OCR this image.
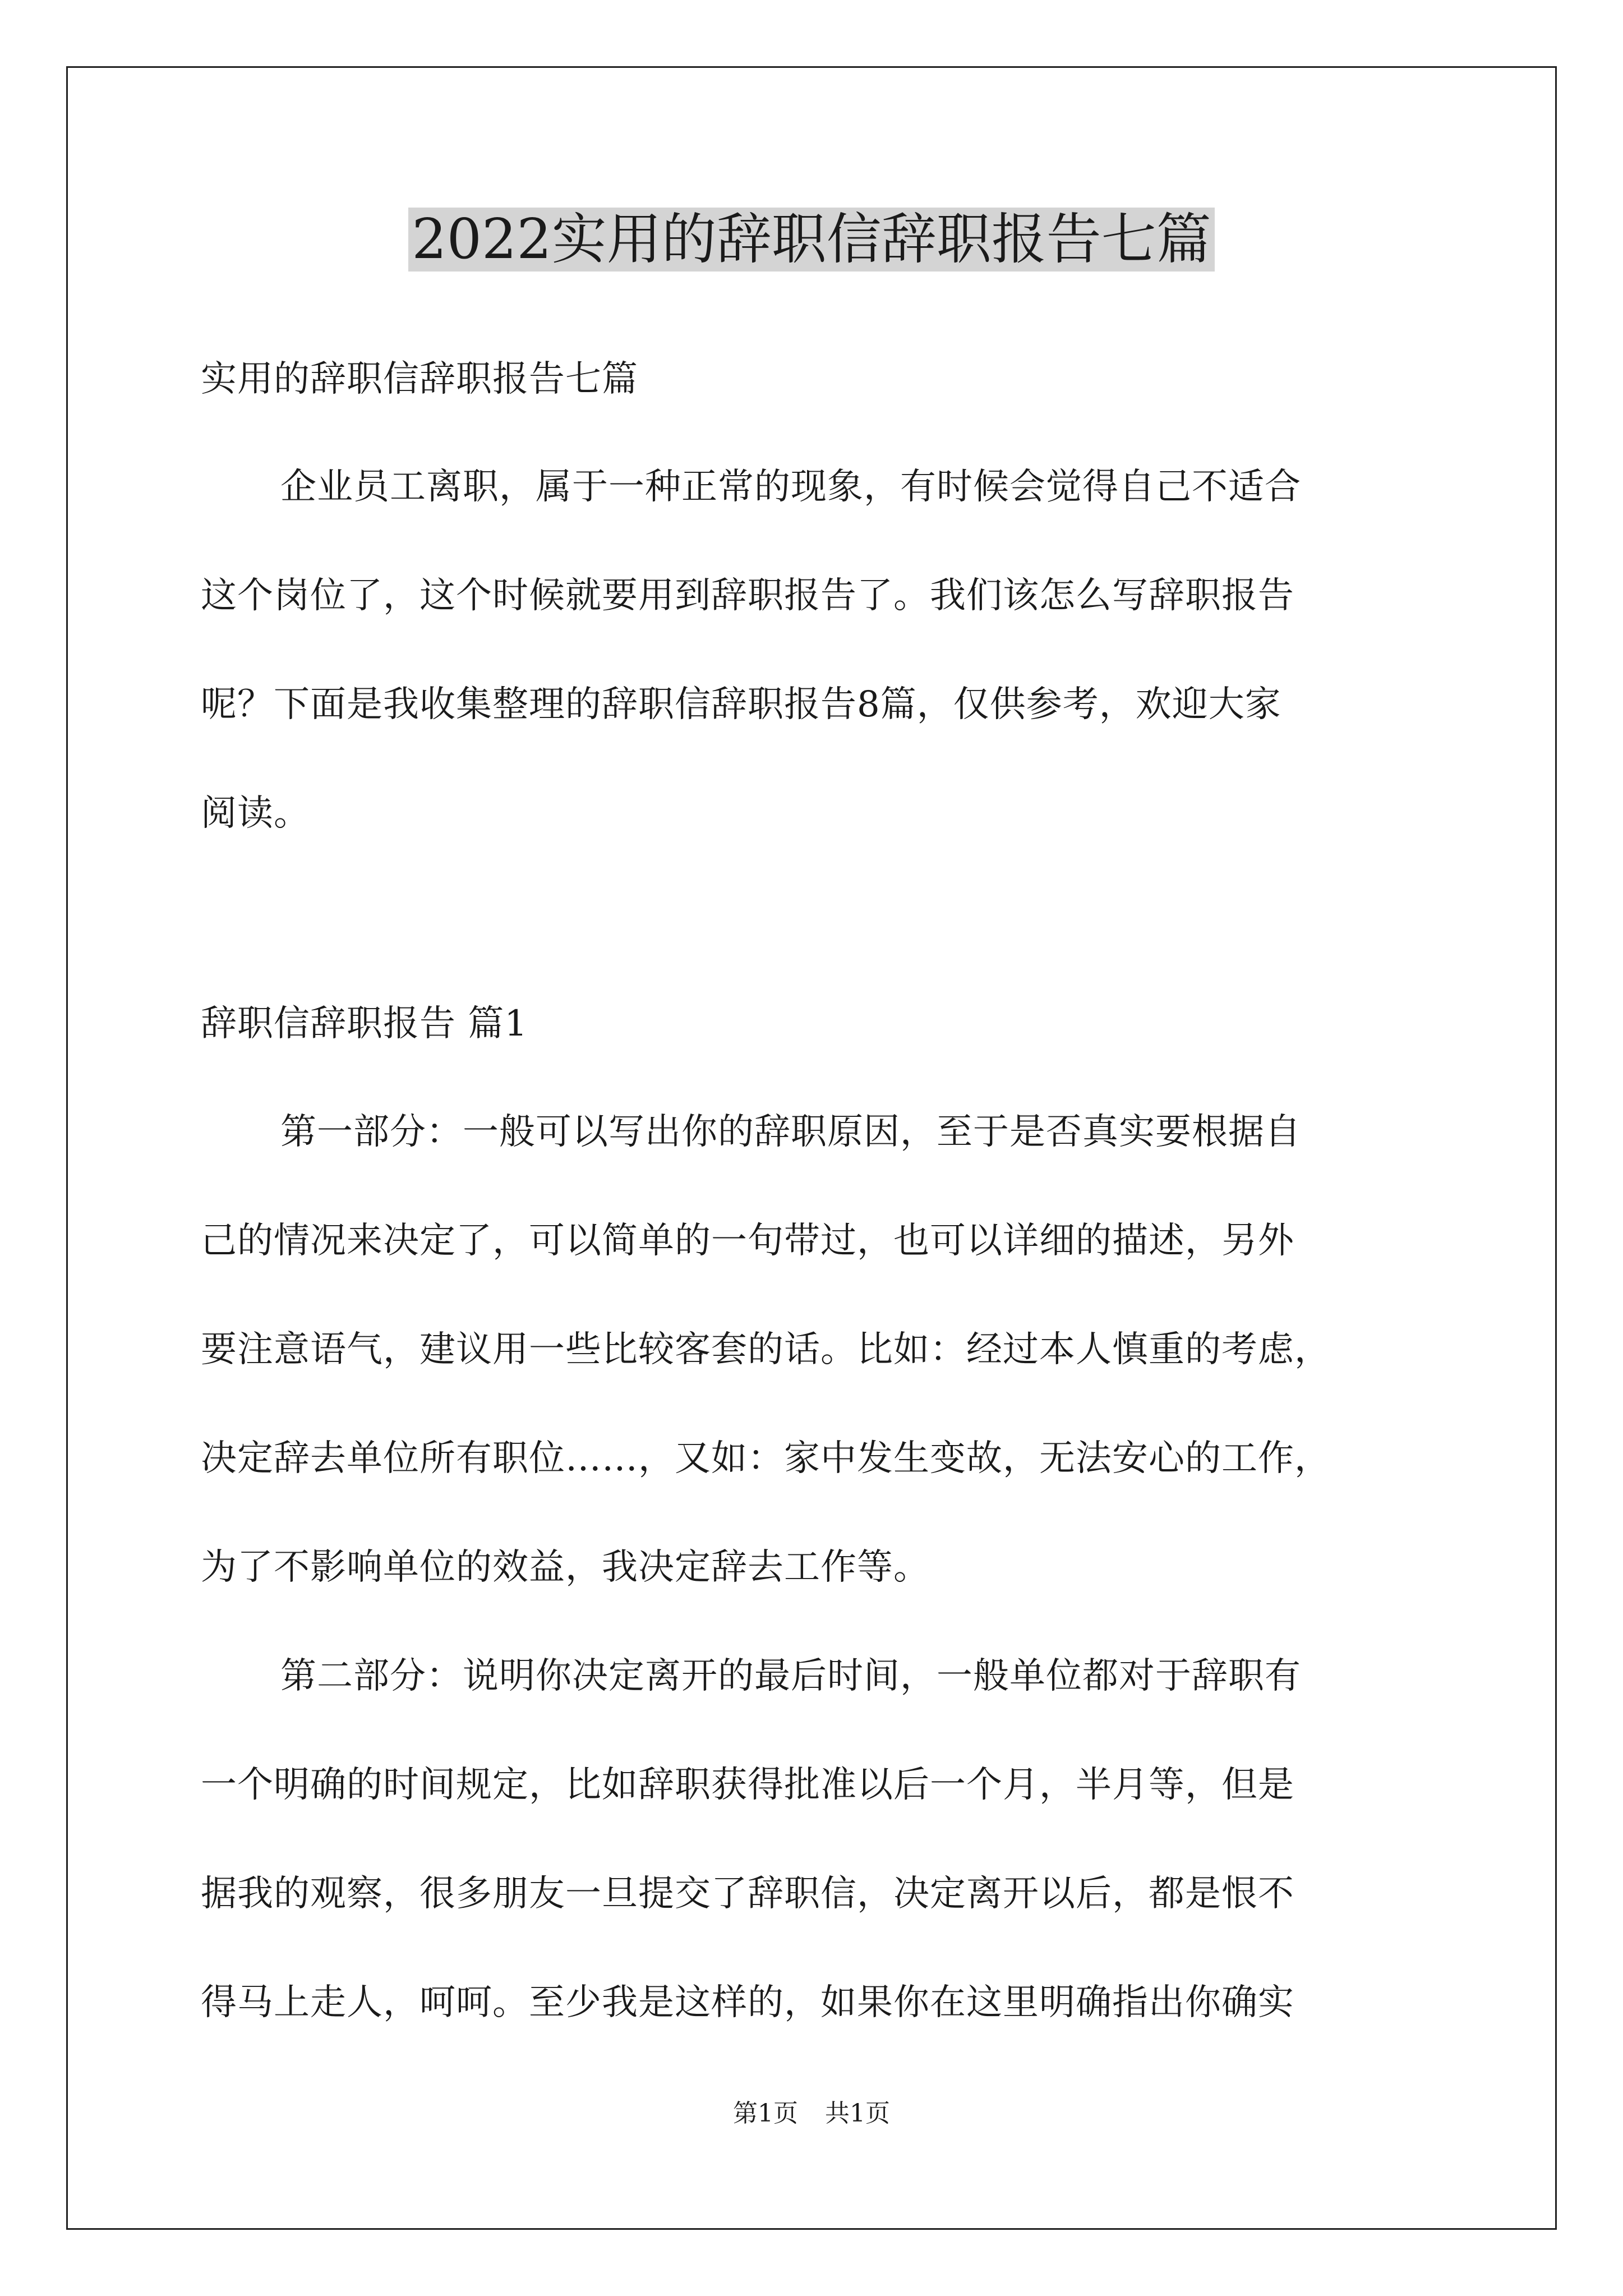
2022实用的辞职信辞职报告七篇
实用的辞职信辞职报告七篇
企业员工离职，属于一种正常的现象，有时候会觉得自己不适合
这个岗位了，这个时候就要用到辞职报告了。我们该怎么写辞职报告
呢？下面是我收集整理的辞职信辞职报告8篇，仅供参考，欢迎大家
阅读。
辞职信辞职报告 篇1
第一部分：一般可以写出你的辞职原因，至于是否真实要根据自
己的情况来决定了，可以简单的一句带过，也可以详细的描述，另外
要注意语气，建议用一些比较客套的话。比如：经过本人慎重的考虑，
决定辞去单位所有职位……，又如：家中发生变故，无法安心的工作，
为了不影响单位的效益，我决定辞去工作等。
第二部分：说明你决定离开的最后时间，一般单位都对于辞职有
一个明确的时间规定，比如辞职获得批准以后一个月，半月等，但是
据我的观察，很多朋友一旦提交了辞职信，决定离开以后，都是恨不
得马上走人，呵呵。至少我是这样的，如果你在这里明确指出你确实
第1页 共1页
